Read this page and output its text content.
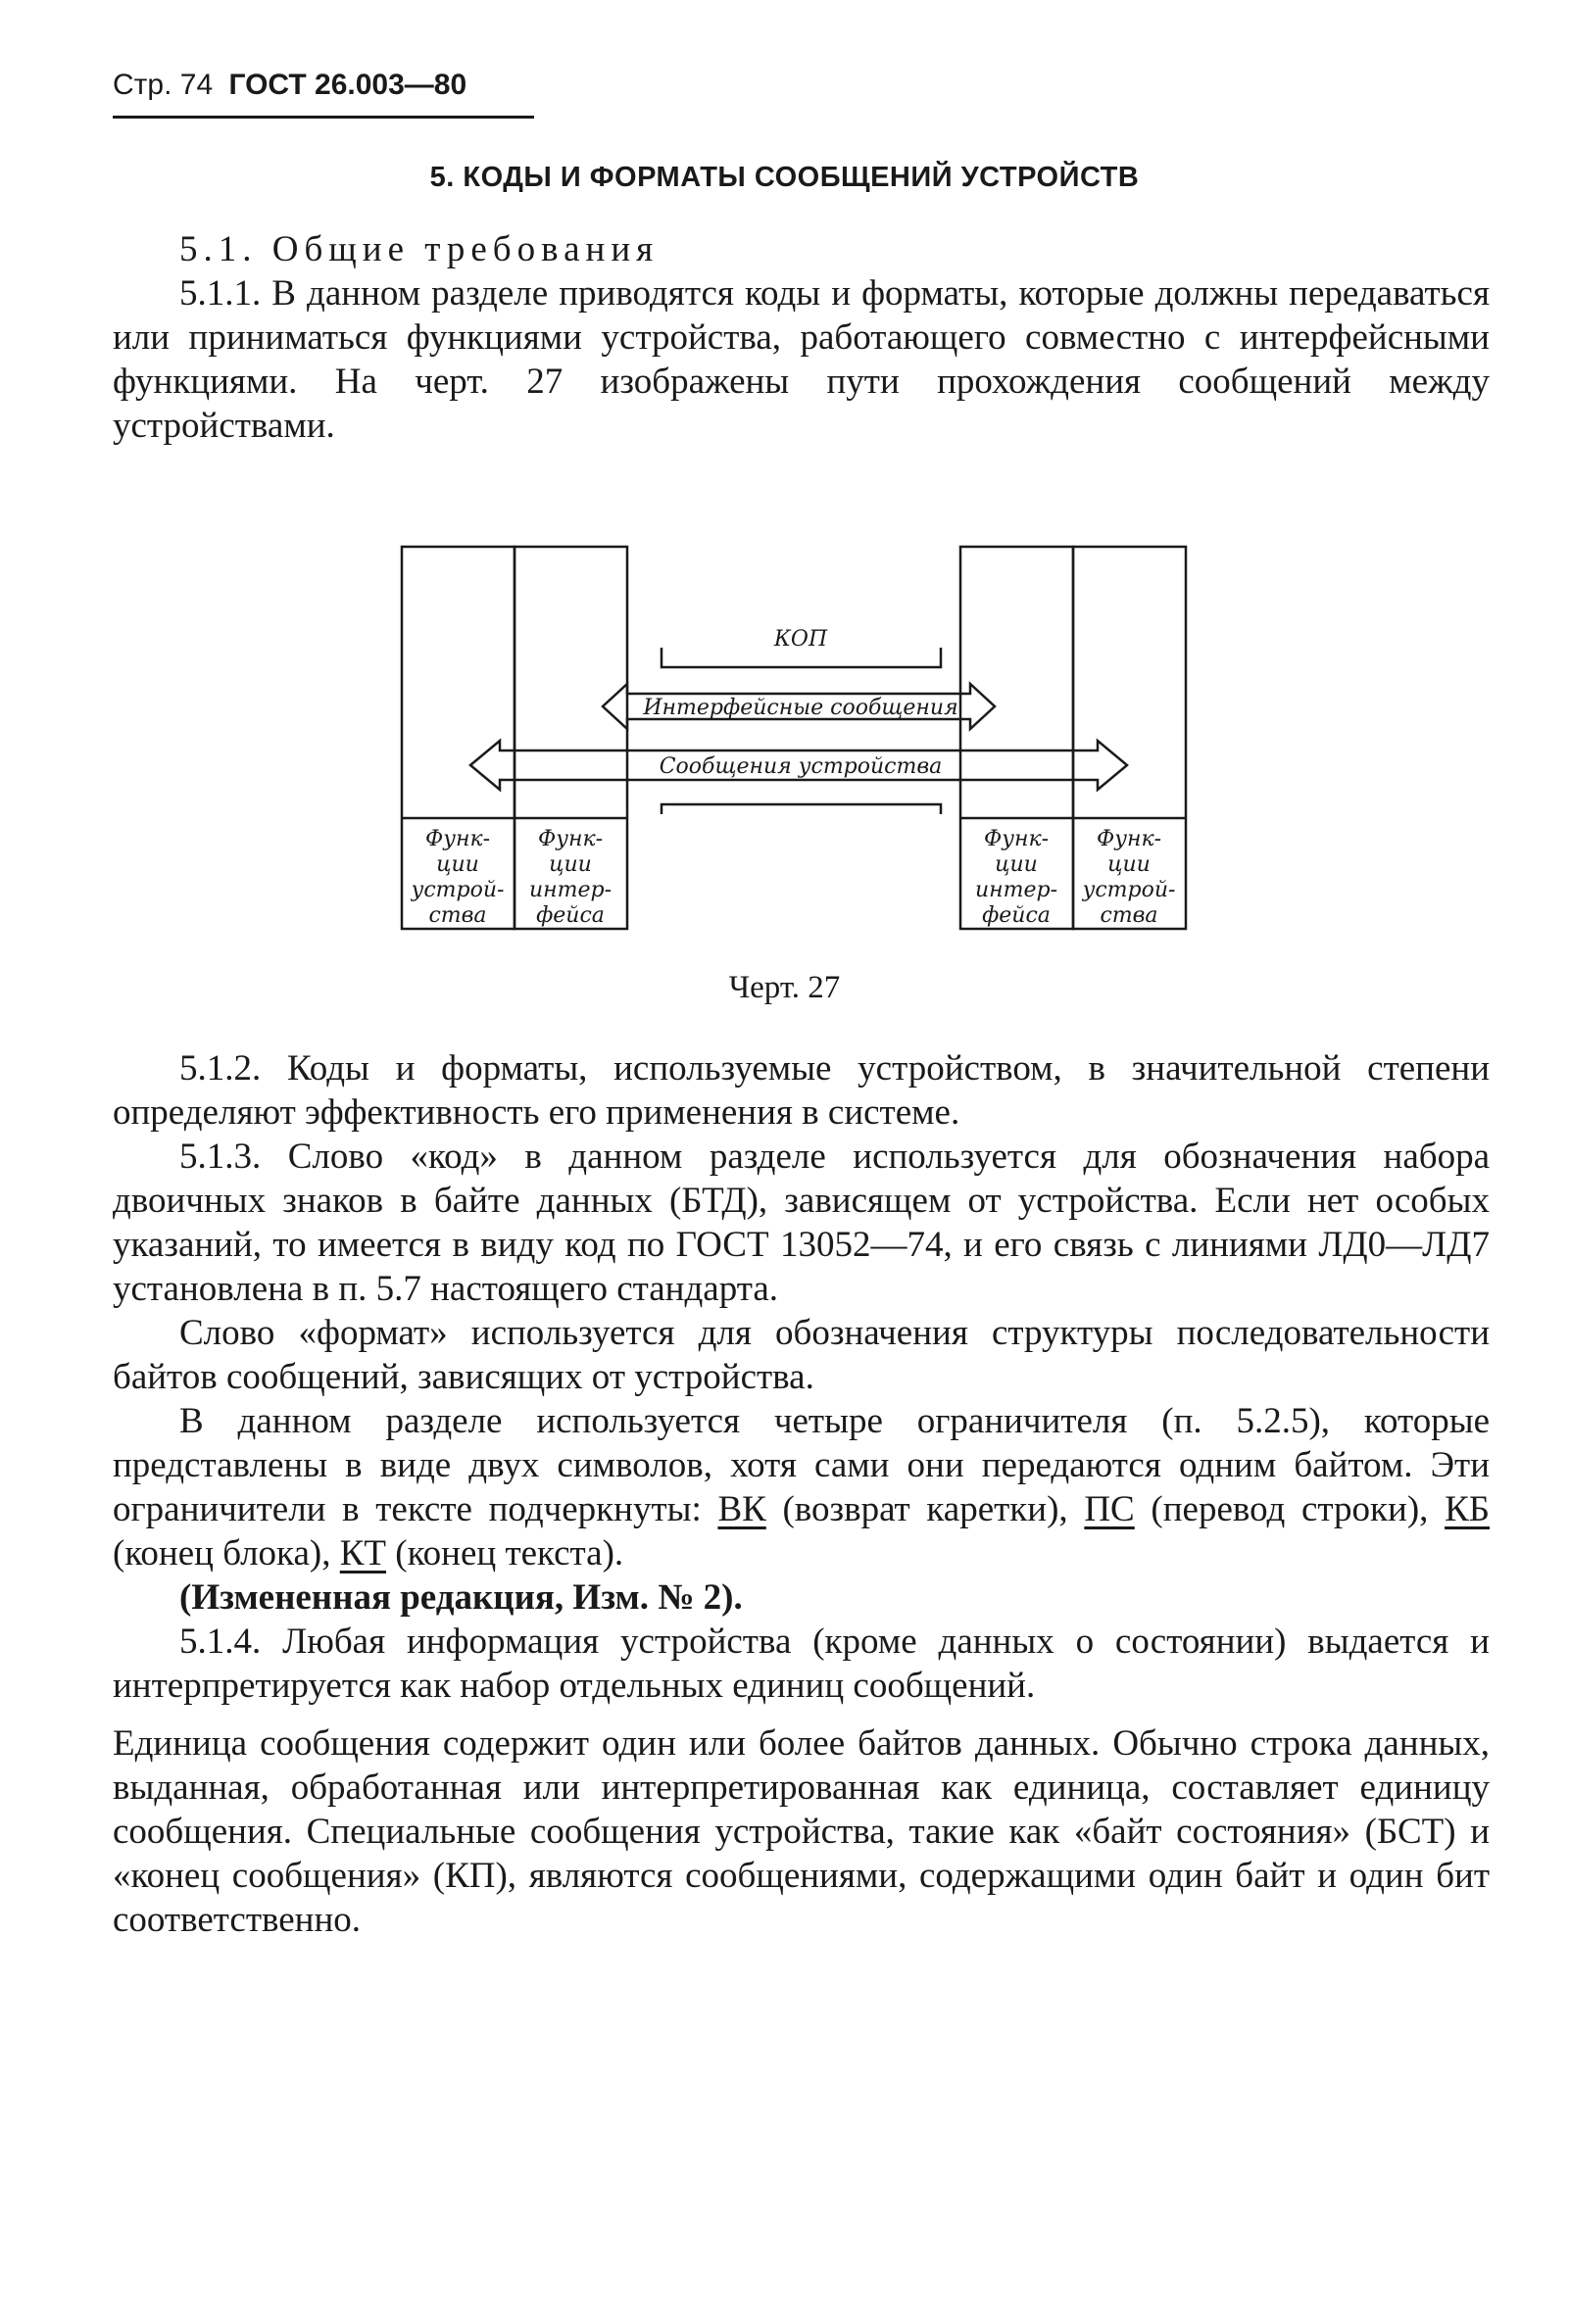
Стр. 74 ГОСТ 26.003—80
5. КОДЫ И ФОРМАТЫ СООБЩЕНИЙ УСТРОЙСТВ

5.1. Общие требования

5.1.1. В данном разделе приводятся коды и форматы, которые должны передаваться или приниматься функциями устройства, работающего совместно с интерфейсными функциями. На черт. 27 изображены пути прохождения сообщений между устройствами.

КОП
Интерфейсные сообщения
Сообщения устройства
Функ-
ции
устрой-
ства
Функ-
ции
интер-
фейса
Функ-
ции
интер-
фейса
Функ-
ции
устрой-
ства
Черт. 27

5.1.2. Коды и форматы, используемые устройством, в значительной степени определяют эффективность его применения в системе.

5.1.3. Слово «код» в данном разделе используется для обозначения набора двоичных знаков в байте данных (БТД), зависящем от устройства. Если нет особых указаний, то имеется в виду код по ГОСТ 13052—74, и его связь с линиями ЛД0—ЛД7 установлена в п. 5.7 настоящего стандарта.

Слово «формат» используется для обозначения структуры последовательности байтов сообщений, зависящих от устройства.

В данном разделе используется четыре ограничителя (п. 5.2.5), которые представлены в виде двух символов, хотя сами они передаются одним байтом. Эти ограничители в тексте подчеркнуты: ВК (возврат каретки), ПС (перевод строки), КБ (конец блока), КТ (конец текста).

(Измененная редакция, Изм. № 2).

5.1.4. Любая информация устройства (кроме данных о состоянии) выдается и интерпретируется как набор отдельных единиц сообщений.

Единица сообщения содержит один или более байтов данных. Обычно строка данных, выданная, обработанная или интерпретированная как единица, составляет единицу сообщения. Специальные сообщения устройства, такие как «байт состояния» (БСТ) и «конец сообщения» (КП), являются сообщениями, содержащими один байт и один бит соответственно.
